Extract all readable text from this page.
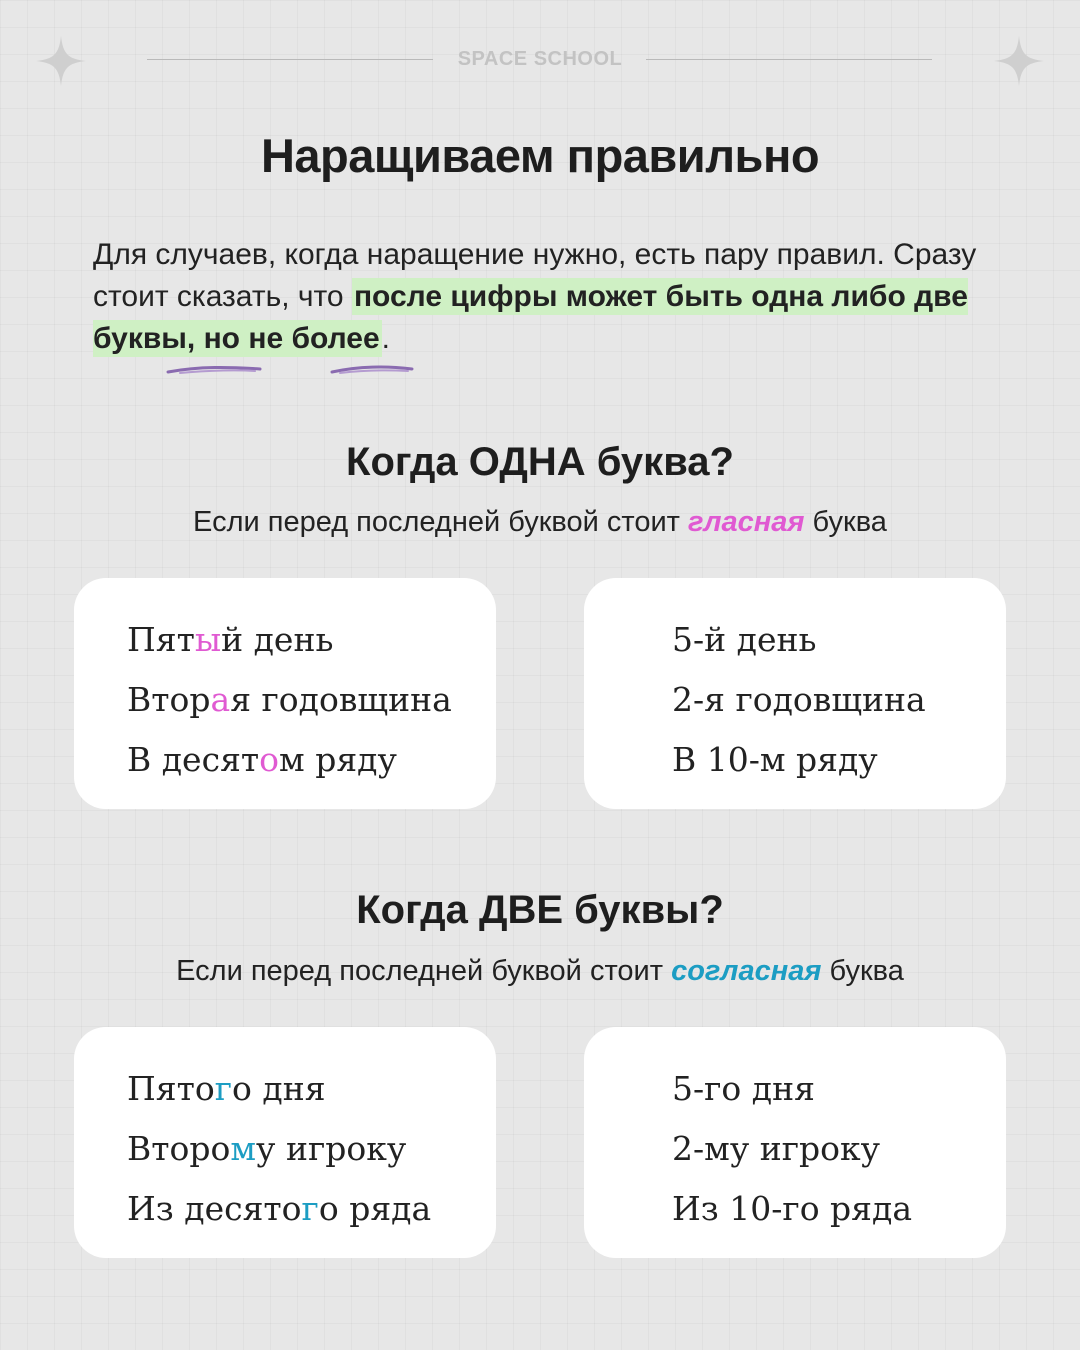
SPACE SCHOOL
Наращиваем правильно

Для случаев, когда наращение нужно, есть пару правил. Сразу стоит сказать, что после цифры может быть одна либо две буквы, но не более.

Когда ОДНА буква?

Если перед последней буквой стоит гласная буква

Пятый день
Вторая годовщина
В десятом ряду
5-й день
2-я годовщина
В 10-м ряду
Когда ДВЕ буквы?

Если перед последней буквой стоит согласная буква

Пятого дня
Второму игроку
Из десятого ряда
5-го дня
2-му игроку
Из 10-го ряда
